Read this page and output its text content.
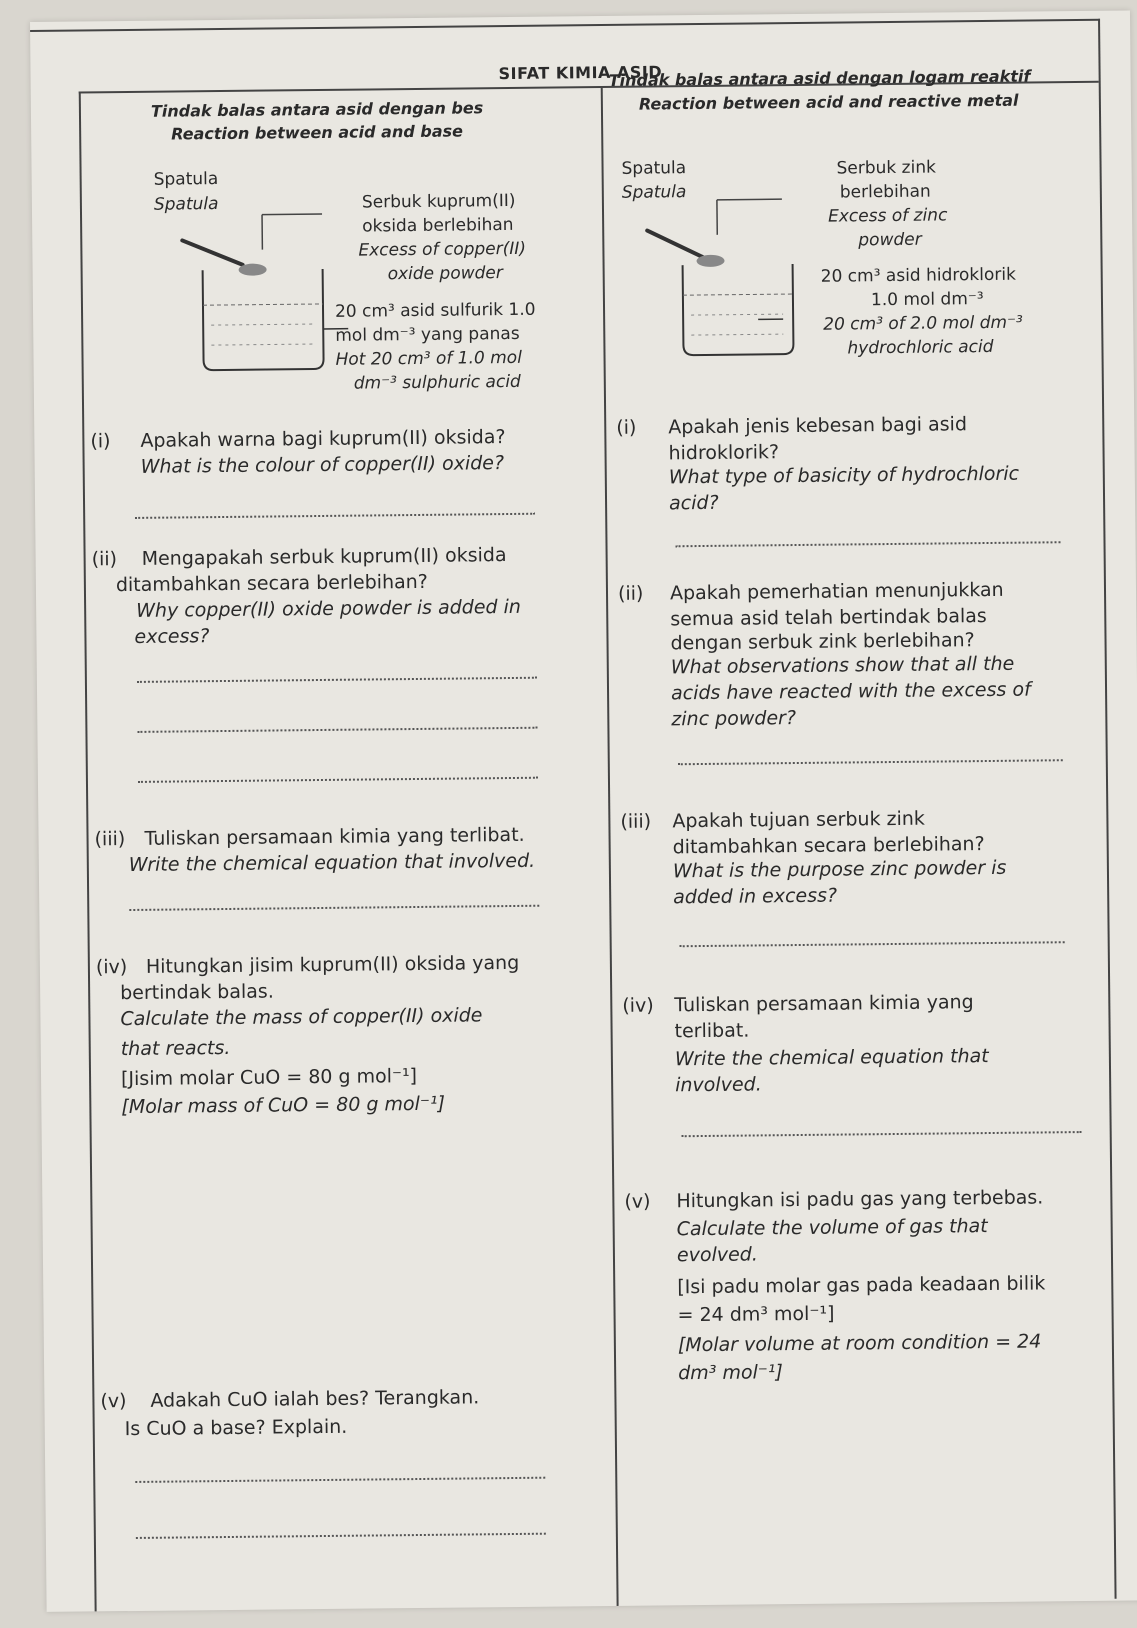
SIFAT KIMIA ASID
Tindak balas antara asid dengan bes
Reaction between acid and base
Tindak balas antara asid dengan logam reaktif
Reaction between acid and reactive metal
Spatula
Spatula	Serbuk kuprum(II)
oksida berlebihan
Excess of copper(II)
oxide powder
20 cm³ asid sulfurik 1.0
mol dm⁻³ yang panas
Hot 20 cm³ of 1.0 mol
dm⁻³ sulphuric acid
Spatula
Spatula
Serbuk zink
berlebihan
Excess of zinc
powder
20 cm³ asid hidroklorik
1.0 mol dm⁻³
20 cm³ of 2.0 mol dm⁻³
hydrochloric acid
(i) Apakah warna bagi kuprum(II) oksida?
What is the colour of copper(II) oxide?
(ii) Mengapakah serbuk kuprum(II) oksida
ditambahkan secara berlebihan?
Why copper(II) oxide powder is added in
excess?
(iii) Tuliskan persamaan kimia yang terlibat.
Write the chemical equation that involved.
(iv) Hitungkan jisim kuprum(II) oksida yang
bertindak balas.
Calculate the mass of copper(II) oxide
that reacts.
[Jisim molar CuO = 80 g mol⁻¹]
[Molar mass of CuO = 80 g mol⁻¹]
(v) Adakah CuO ialah bes? Terangkan.
Is CuO a base? Explain.
(i) Apakah jenis kebesan bagi asid
hidroklorik?
What type of basicity of hydrochloric
acid?
(ii) Apakah pemerhatian menunjukkan
semua asid telah bertindak balas
dengan serbuk zink berlebihan?
What observations show that all the
acids have reacted with the excess of
zinc powder?
(iii) Apakah tujuan serbuk zink
ditambahkan secara berlebihan?
What is the purpose zinc powder is
added in excess?
(iv) Tuliskan persamaan kimia yang
terlibat.
Write the chemical equation that
involved.
(v) Hitungkan isi padu gas yang terbebas.
Calculate the volume of gas that
evolved.
[Isi padu molar gas pada keadaan bilik
= 24 dm³ mol⁻¹]
[Molar volume at room condition = 24
dm³ mol⁻¹]
